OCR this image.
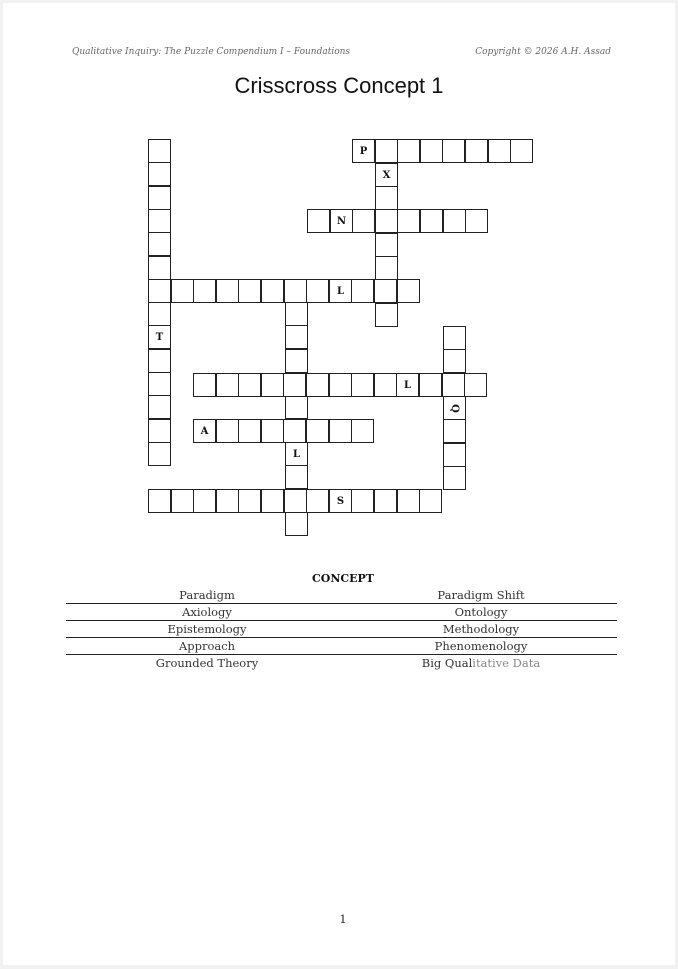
Qualitative Inquiry: The Puzzle Compendium I – Foundations	Copyright © 2026 A.H. Assad
Crisscross Concept 1
T
P
X
N
L
L
Q
L
A
S
CONCEPT
Paradigm
Axiology
Epistemology
Approach
Grounded Theory
Paradigm Shift
Ontology
Methodology
Phenomenology
Big Qualitative Data
1
